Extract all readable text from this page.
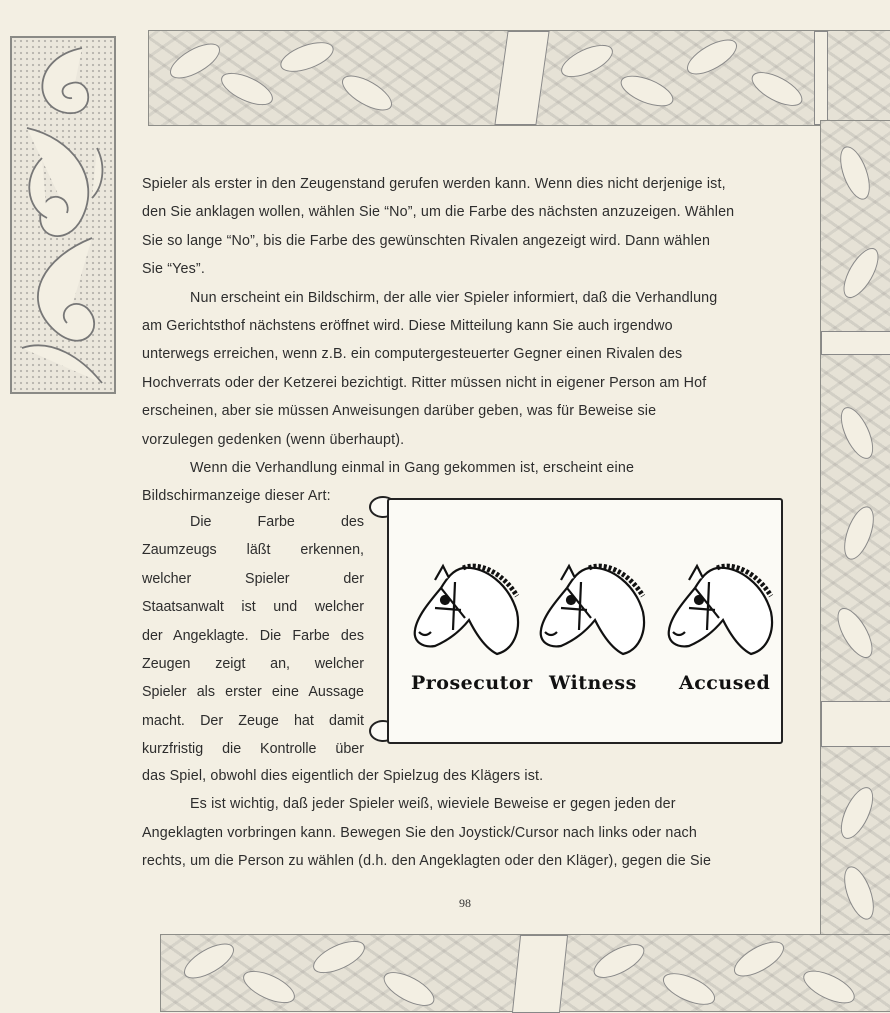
Spieler als erster in den Zeugenstand gerufen werden kann. Wenn dies nicht derjenige ist,

den Sie anklagen wollen, wählen Sie “No”, um die Farbe des nächsten anzuzeigen. Wählen

Sie so lange “No”, bis die Farbe des gewünschten Rivalen angezeigt wird. Dann wählen

Sie “Yes”.

Nun erscheint ein Bildschirm, der alle vier Spieler informiert, daß die Verhandlung

am Gerichtsthof nächstens eröffnet wird. Diese Mitteilung kann Sie auch irgendwo

unterwegs erreichen, wenn z.B. ein computergesteuerter Gegner einen Rivalen des

Hochverrats oder der Ketzerei bezichtigt. Ritter müssen nicht in eigener Person am Hof

erscheinen, aber sie müssen Anweisungen darüber geben, was für Beweise sie

vorzulegen gedenken (wenn überhaupt).

Wenn die Verhandlung einmal in Gang gekommen ist, erscheint eine

Bildschirmanzeige dieser Art:

Die Farbe des

Zaumzeugs läßt erkennen,

welcher Spieler der

Staatsanwalt ist und welcher

der Angeklagte. Die Farbe des

Zeugen zeigt an, welcher

Spieler als erster eine Aussage

macht. Der Zeuge hat damit

kurzfristig die Kontrolle über

Prosecutor Witness Accused

das Spiel, obwohl dies eigentlich der Spielzug des Klägers ist.

Es ist wichtig, daß jeder Spieler weiß, wieviele Beweise er gegen jeden der

Angeklagten vorbringen kann. Bewegen Sie den Joystick/Cursor nach links oder nach

rechts, um die Person zu wählen (d.h. den Angeklagten oder den Kläger), gegen die Sie

98
